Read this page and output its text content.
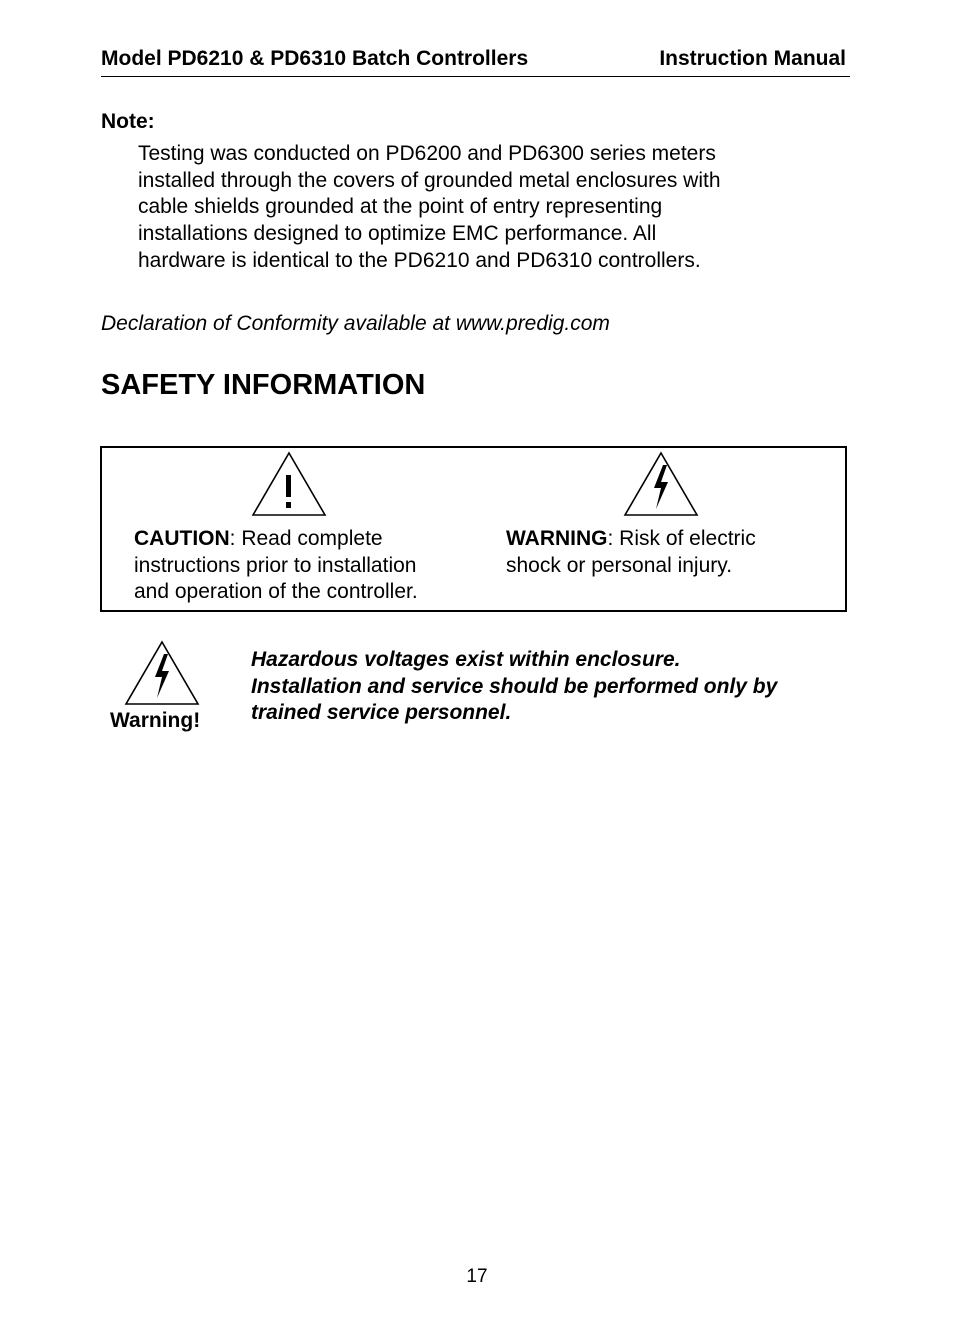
Model PD6210 & PD6310 Batch Controllers	Instruction Manual
Note:
Testing was conducted on PD6200 and PD6300 series meters
installed through the covers of grounded metal enclosures with
cable shields grounded at the point of entry representing
installations designed to optimize EMC performance. All
hardware is identical to the PD6210 and PD6310 controllers.
Declaration of Conformity available at www.predig.com
SAFETY INFORMATION
CAUTION: Read complete
instructions prior to installation
and operation of the controller.
WARNING: Risk of electric
shock or personal injury.
Warning!
Hazardous voltages exist within enclosure.
Installation and service should be performed only by
trained service personnel.
17
